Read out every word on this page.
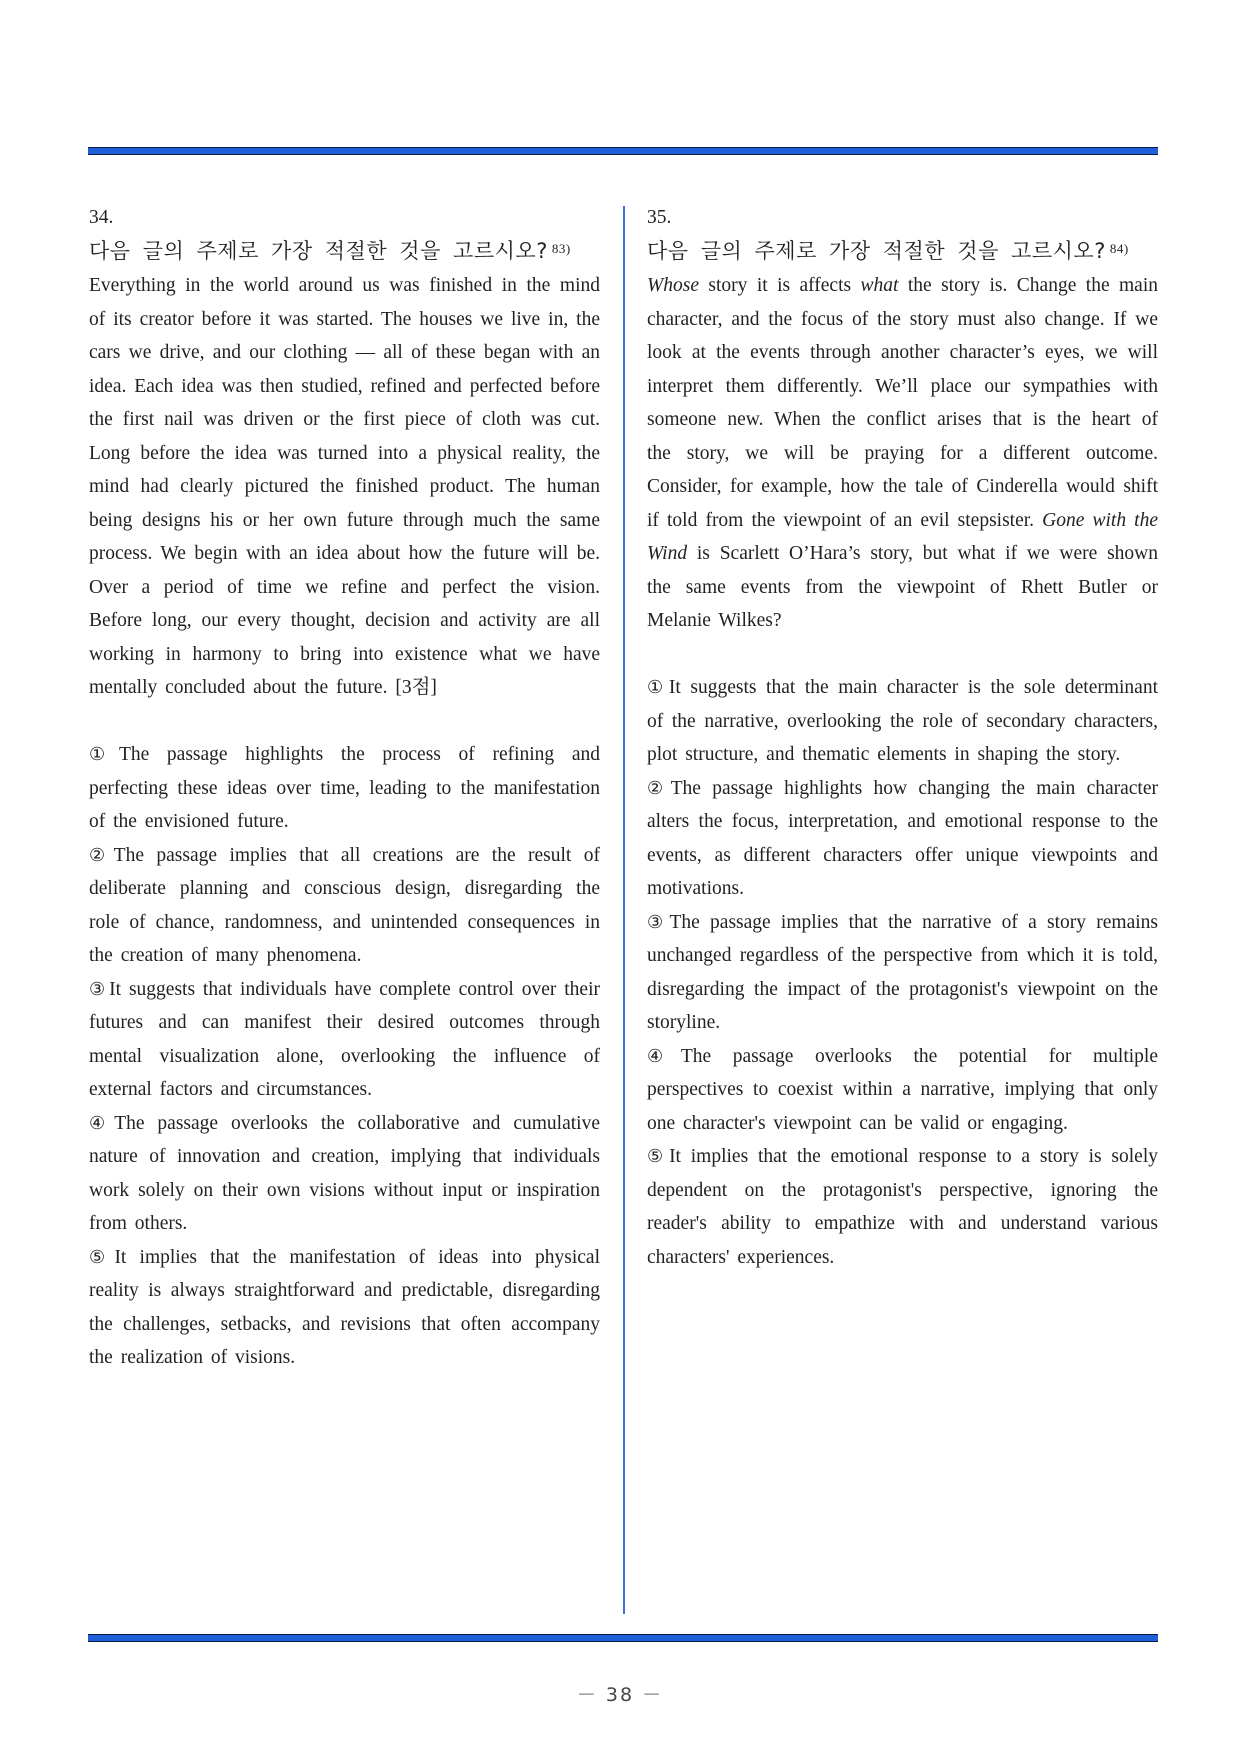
34.
다음 글의 주제로 가장 적절한 것을 고르시오? $^{83)}$
Everything in the world around us was finished in the mind of its creator before it was started. The houses we live in, the cars we drive, and our clothing — all of these began with an idea. Each idea was then studied, refined and perfected before the first nail was driven or the first piece of cloth was cut. Long before the idea was turned into a physical reality, the mind had clearly pictured the finished product. The human being designs his or her own future through much the same process. We begin with an idea about how the future will be. Over a period of time we refine and perfect the vision. Before long, our every thought, decision and activity are all working in harmony to bring into existence what we have mentally concluded about the future. [3점]
① The passage highlights the process of refining and perfecting these ideas over time, leading to the manifestation of the envisioned future.
② The passage implies that all creations are the result of deliberate planning and conscious design, disregarding the role of chance, randomness, and unintended consequences in the creation of many phenomena.
③ It suggests that individuals have complete control over their futures and can manifest their desired outcomes through mental visualization alone, overlooking the influence of external factors and circumstances.
④ The passage overlooks the collaborative and cumulative nature of innovation and creation, implying that individuals work solely on their own visions without input or inspiration from others.
⑤ It implies that the manifestation of ideas into physical reality is always straightforward and predictable, disregarding the challenges, setbacks, and revisions that often accompany the realization of visions.
35.
다음 글의 주제로 가장 적절한 것을 고르시오? $^{84)}$
Whose story it is affects what the story is. Change the main character, and the focus of the story must also change. If we look at the events through another character’s eyes, we will interpret them differently. We’ll place our sympathies with someone new. When the conflict arises that is the heart of the story, we will be praying for a different outcome. Consider, for example, how the tale of Cinderella would shift if told from the viewpoint of an evil stepsister. Gone with the Wind is Scarlett O’Hara’s story, but what if we were shown the same events from the viewpoint of Rhett Butler or Melanie Wilkes?
① It suggests that the main character is the sole determinant of the narrative, overlooking the role of secondary characters, plot structure, and thematic elements in shaping the story.
② The passage highlights how changing the main character alters the focus, interpretation, and emotional response to the events, as different characters offer unique viewpoints and motivations.
③ The passage implies that the narrative of a story remains unchanged regardless of the perspective from which it is told, disregarding the impact of the protagonist's viewpoint on the storyline.
④ The passage overlooks the potential for multiple perspectives to coexist within a narrative, implying that only one character's viewpoint can be valid or engaging.
⑤ It implies that the emotional response to a story is solely dependent on the protagonist's perspective, ignoring the reader's ability to empathize with and understand various characters' experiences.
－ 38 －
